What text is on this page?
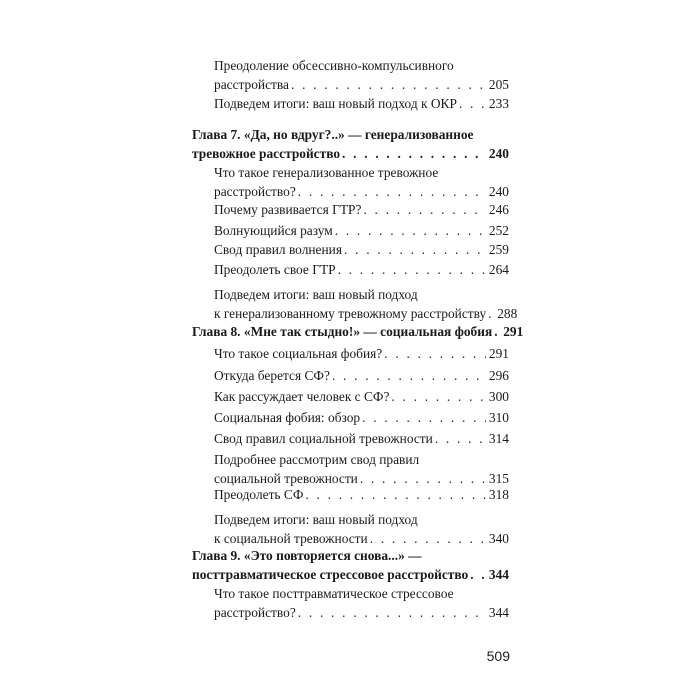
Преодоление обсессивно-компульсивного
расстройства . . .	205
Подведем итоги: ваш новый подход к ОКР . . . 233
Глава 7. «Да, но вдруг?..» — генерализованное
тревожное расстройство . . .	240
Что такое генерализованное тревожное
расстройство? . . .	240
Почему развивается ГТР? . . .	246
Волнующийся разум . . .	252
Свод правил волнения . . .	259
Преодолеть свое ГТР . . .	264
Подведем итоги: ваш новый подход
к генерализованному тревожному расстройству . . . 288
Глава 8. «Мне так стыдно!» — социальная фобия . . . 291
Что такое социальная фобия? . . .	291
Откуда берется СФ? . . .	296
Как рассуждает человек с СФ? . . .	300
Социальная фобия: обзор . . .	310
Свод правил социальной тревожности . . .	314
Подробнее рассмотрим свод правил
социальной тревожности . . .	315
Преодолеть СФ . . .	318
Подведем итоги: ваш новый подход
к социальной тревожности . . .	340
Глава 9. «Это повторяется снова...» —
посттравматическое стрессовое расстройство . . . 344
Что такое посттравматическое стрессовое
расстройство? . . .	344
509
